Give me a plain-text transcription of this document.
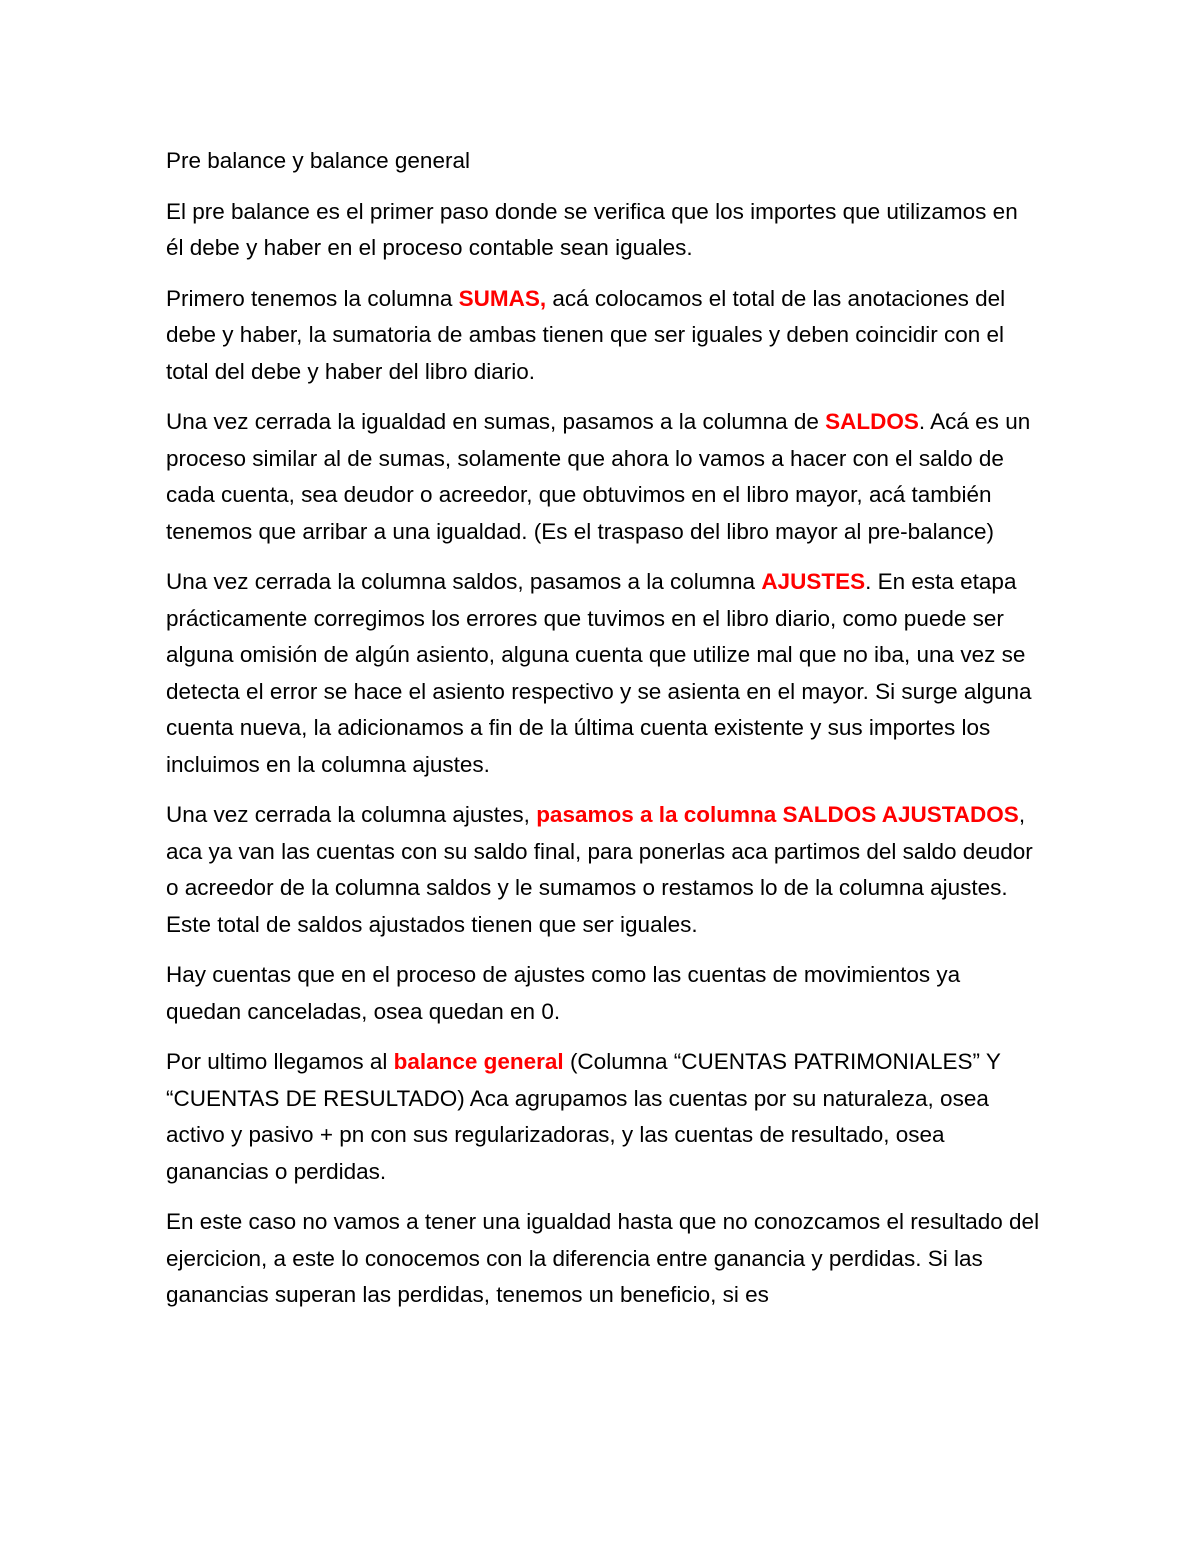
Pre balance y balance general

El pre balance es el primer paso donde se verifica que los importes que utilizamos en él debe y haber en el proceso contable sean iguales.

Primero tenemos la columna SUMAS, acá colocamos el total de las anotaciones del debe y haber, la sumatoria de ambas tienen que ser iguales y deben coincidir con el total del debe y haber del libro diario.

Una vez cerrada la igualdad en sumas, pasamos a la columna de SALDOS. Acá es un proceso similar al de sumas, solamente que ahora lo vamos a hacer con el saldo de cada cuenta, sea deudor o acreedor, que obtuvimos en el libro mayor, acá también tenemos que arribar a una igualdad. (Es el traspaso del libro mayor al pre-balance)

Una vez cerrada la columna saldos, pasamos a la columna AJUSTES. En esta etapa prácticamente corregimos los errores que tuvimos en el libro diario, como puede ser alguna omisión de algún asiento, alguna cuenta que utilize mal que no iba, una vez se detecta el error se hace el asiento respectivo y se asienta en el mayor. Si surge alguna cuenta nueva, la adicionamos a fin de la última cuenta existente y sus importes los incluimos en la columna ajustes.

Una vez cerrada la columna ajustes, pasamos a la columna SALDOS AJUSTADOS, aca ya van las cuentas con su saldo final, para ponerlas aca partimos del saldo deudor o acreedor de la columna saldos y le sumamos o restamos lo de la columna ajustes. Este total de saldos ajustados tienen que ser iguales.

Hay cuentas que en el proceso de ajustes como las cuentas de movimientos ya quedan canceladas, osea quedan en 0.

Por ultimo llegamos al balance general (Columna “CUENTAS PATRIMONIALES” Y “CUENTAS DE RESULTADO) Aca agrupamos las cuentas por su naturaleza, osea activo y pasivo + pn con sus regularizadoras, y las cuentas de resultado, osea ganancias o perdidas.

En este caso no vamos a tener una igualdad hasta que no conozcamos el resultado del ejercicion, a este lo conocemos con la diferencia entre ganancia y perdidas. Si las ganancias superan las perdidas, tenemos un beneficio, si es
